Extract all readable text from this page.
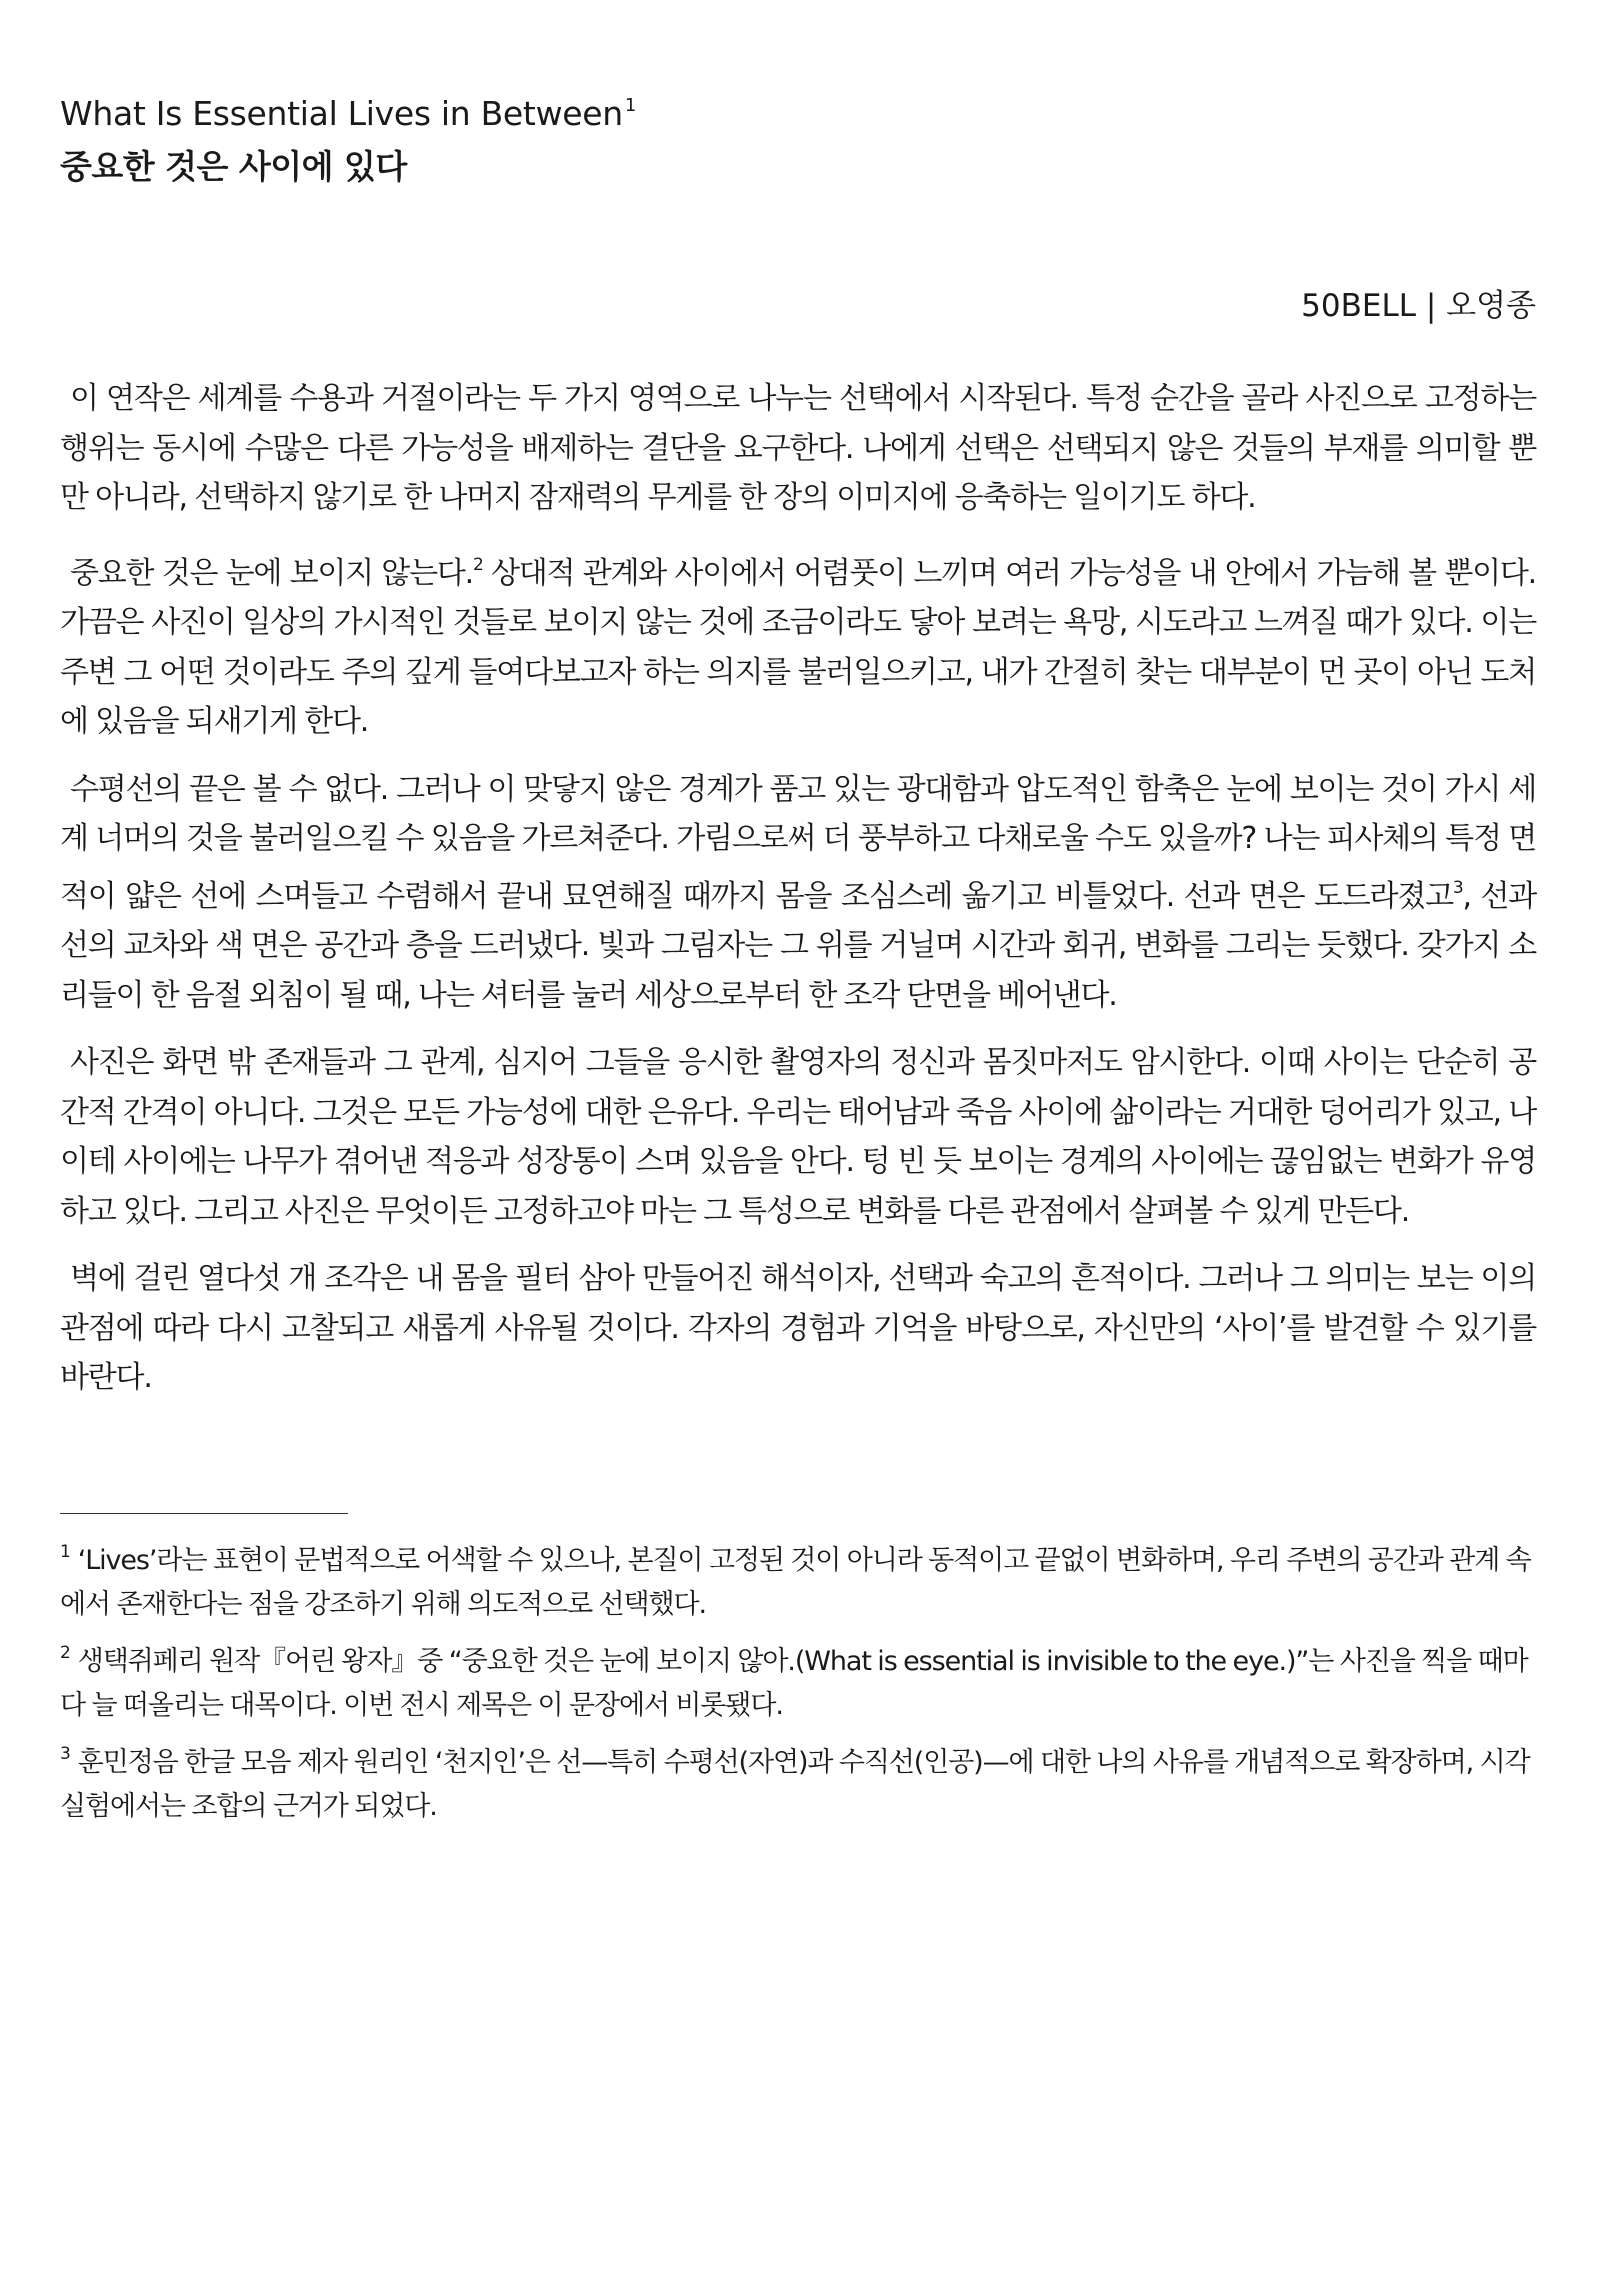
What Is Essential Lives in Between $^1$
중요한 것은 사이에 있다
50BELL | 오영종

이 연작은 세계를 수용과 거절이라는 두 가지 영역으로 나누는 선택에서 시작된다. 특정 순간을 골라 사진으로 고정하는 행위는 동시에 수많은 다른 가능성을 배제하는 결단을 요구한다. 나에게 선택은 선택되지 않은 것들의 부재를 의미할 뿐만 아니라, 선택하지 않기로 한 나머지 잠재력의 무게를 한 장의 이미지에 응축하는 일이기도 하다.

중요한 것은 눈에 보이지 않는다.$^2$ 상대적 관계와 사이에서 어렴풋이 느끼며 여러 가능성을 내 안에서 가늠해 볼 뿐이다. 가끔은 사진이 일상의 가시적인 것들로 보이지 않는 것에 조금이라도 닿아 보려는 욕망, 시도라고 느껴질 때가 있다. 이는 주변 그 어떤 것이라도 주의 깊게 들여다보고자 하는 의지를 불러일으키고, 내가 간절히 찾는 대부분이 먼 곳이 아닌 도처에 있음을 되새기게 한다.

수평선의 끝은 볼 수 없다. 그러나 이 맞닿지 않은 경계가 품고 있는 광대함과 압도적인 함축은 눈에 보이는 것이 가시 세계 너머의 것을 불러일으킬 수 있음을 가르쳐준다. 가림으로써 더 풍부하고 다채로울 수도 있을까? 나는 피사체의 특정 면적이 얇은 선에 스며들고 수렴해서 끝내 묘연해질 때까지 몸을 조심스레 옮기고 비틀었다. 선과 면은 도드라졌고$^3$, 선과 선의 교차와 색 면은 공간과 층을 드러냈다. 빛과 그림자는 그 위를 거닐며 시간과 회귀, 변화를 그리는 듯했다. 갖가지 소리들이 한 음절 외침이 될 때, 나는 셔터를 눌러 세상으로부터 한 조각 단면을 베어낸다.

사진은 화면 밖 존재들과 그 관계, 심지어 그들을 응시한 촬영자의 정신과 몸짓마저도 암시한다. 이때 사이는 단순히 공간적 간격이 아니다. 그것은 모든 가능성에 대한 은유다. 우리는 태어남과 죽음 사이에 삶이라는 거대한 덩어리가 있고, 나이테 사이에는 나무가 겪어낸 적응과 성장통이 스며 있음을 안다. 텅 빈 듯 보이는 경계의 사이에는 끊임없는 변화가 유영하고 있다. 그리고 사진은 무엇이든 고정하고야 마는 그 특성으로 변화를 다른 관점에서 살펴볼 수 있게 만든다.

벽에 걸린 열다섯 개 조각은 내 몸을 필터 삼아 만들어진 해석이자, 선택과 숙고의 흔적이다. 그러나 그 의미는 보는 이의 관점에 따라 다시 고찰되고 새롭게 사유될 것이다. 각자의 경험과 기억을 바탕으로, 자신만의 ‘사이’를 발견할 수 있기를 바란다.

$^1$ ‘Lives’라는 표현이 문법적으로 어색할 수 있으나, 본질이 고정된 것이 아니라 동적이고 끝없이 변화하며, 우리 주변의 공간과 관계 속에서 존재한다는 점을 강조하기 위해 의도적으로 선택했다.

$^2$ 생택쥐페리 원작『어린 왕자』중 “중요한 것은 눈에 보이지 않아.(What is essential is invisible to the eye.)”는 사진을 찍을 때마다 늘 떠올리는 대목이다. 이번 전시 제목은 이 문장에서 비롯됐다.

$^3$ 훈민정음 한글 모음 제자 원리인 ‘천지인’은 선—특히 수평선(자연)과 수직선(인공)—에 대한 나의 사유를 개념적으로 확장하며, 시각 실험에서는 조합의 근거가 되었다.
